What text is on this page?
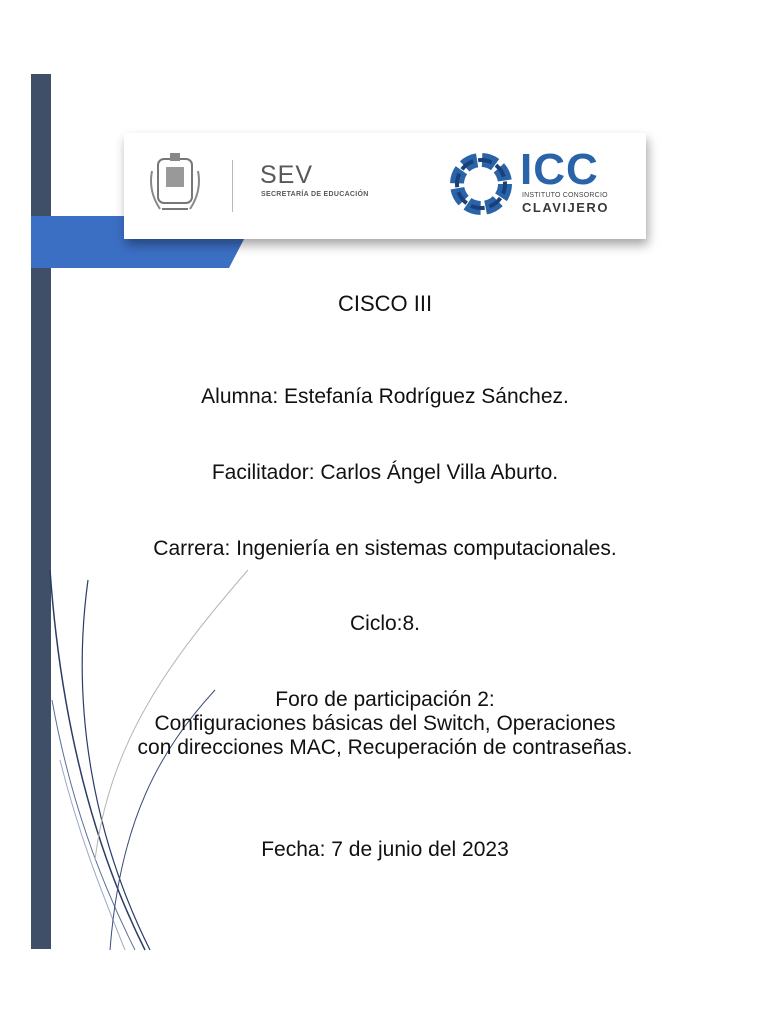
SEV
SECRETARÍA DE EDUCACIÓN
ICC
INSTITUTO CONSORCIO
CLAVIJERO
CISCO III
Alumna: Estefanía Rodríguez Sánchez.
Facilitador: Carlos Ángel Villa Aburto.
Carrera: Ingeniería en sistemas computacionales.
Ciclo:8.
Foro de participación 2:
Configuraciones básicas del Switch, Operaciones
con direcciones MAC, Recuperación de contraseñas.
Fecha: 7 de junio del 2023
